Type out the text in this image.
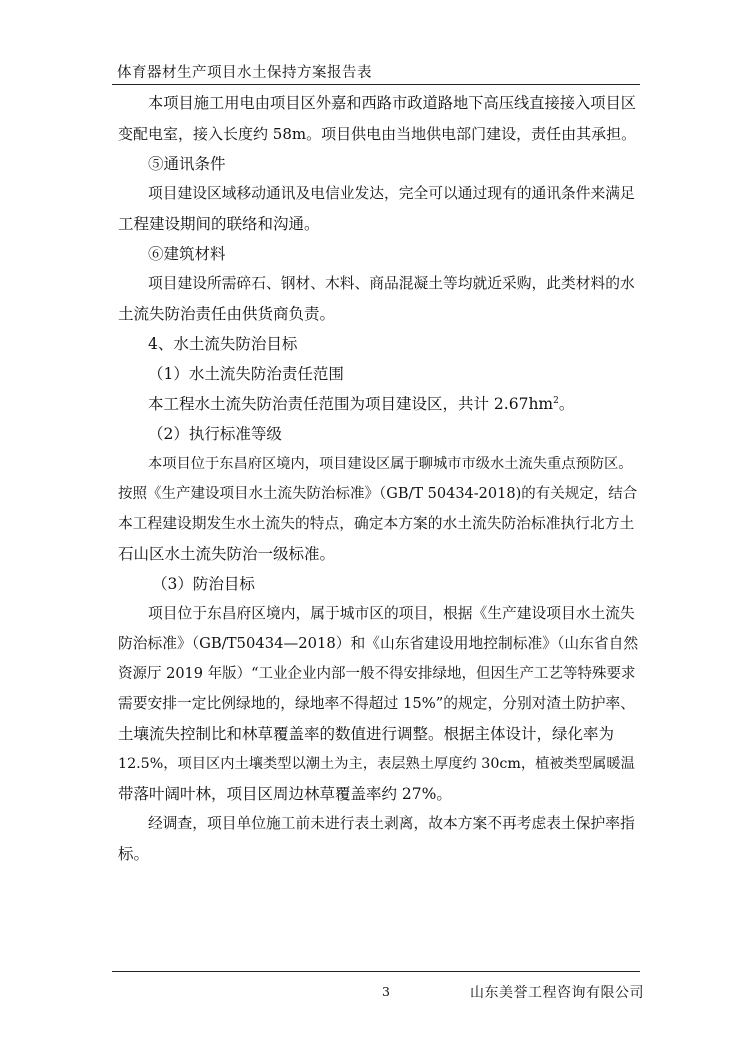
体育器材生产项目水土保持方案报告表
本项目施工用电由项目区外嘉和西路市政道路地下高压线直接接入项目区
变配电室，接入长度约 58m。项目供电由当地供电部门建设，责任由其承担。
⑤通讯条件
项目建设区域移动通讯及电信业发达，完全可以通过现有的通讯条件来满足
工程建设期间的联络和沟通。
⑥建筑材料
项目建设所需碎石、钢材、木料、商品混凝土等均就近采购，此类材料的水
土流失防治责任由供货商负责。
4、水土流失防治目标
（1）水土流失防治责任范围
本工程水土流失防治责任范围为项目建设区，共计 $2.67hm^2$。
（2）执行标准等级
本项目位于东昌府区境内，项目建设区属于聊城市市级水土流失重点预防区。
按照《生产建设项目水土流失防治标准》（GB/T 50434-2018)的有关规定，结合
本工程建设期发生水土流失的特点，确定本方案的水土流失防治标准执行北方土
石山区水土流失防治一级标准。
（3）防治目标
项目位于东昌府区境内，属于城市区的项目，根据《生产建设项目水土流失
防治标准》（GB/T50434—2018）和《山东省建设用地控制标准》（山东省自然
资源厅 2019 年版）“工业企业内部一般不得安排绿地，但因生产工艺等特殊要求
需要安排一定比例绿地的，绿地率不得超过 15%”的规定，分别对渣土防护率、
土壤流失控制比和林草覆盖率的数值进行调整。根据主体设计，绿化率为
12.5%，项目区内土壤类型以潮土为主，表层熟土厚度约 30cm，植被类型属暖温
带落叶阔叶林，项目区周边林草覆盖率约 27%。
经调查，项目单位施工前未进行表土剥离，故本方案不再考虑表土保护率指
标。
3	山东美誉工程咨询有限公司
